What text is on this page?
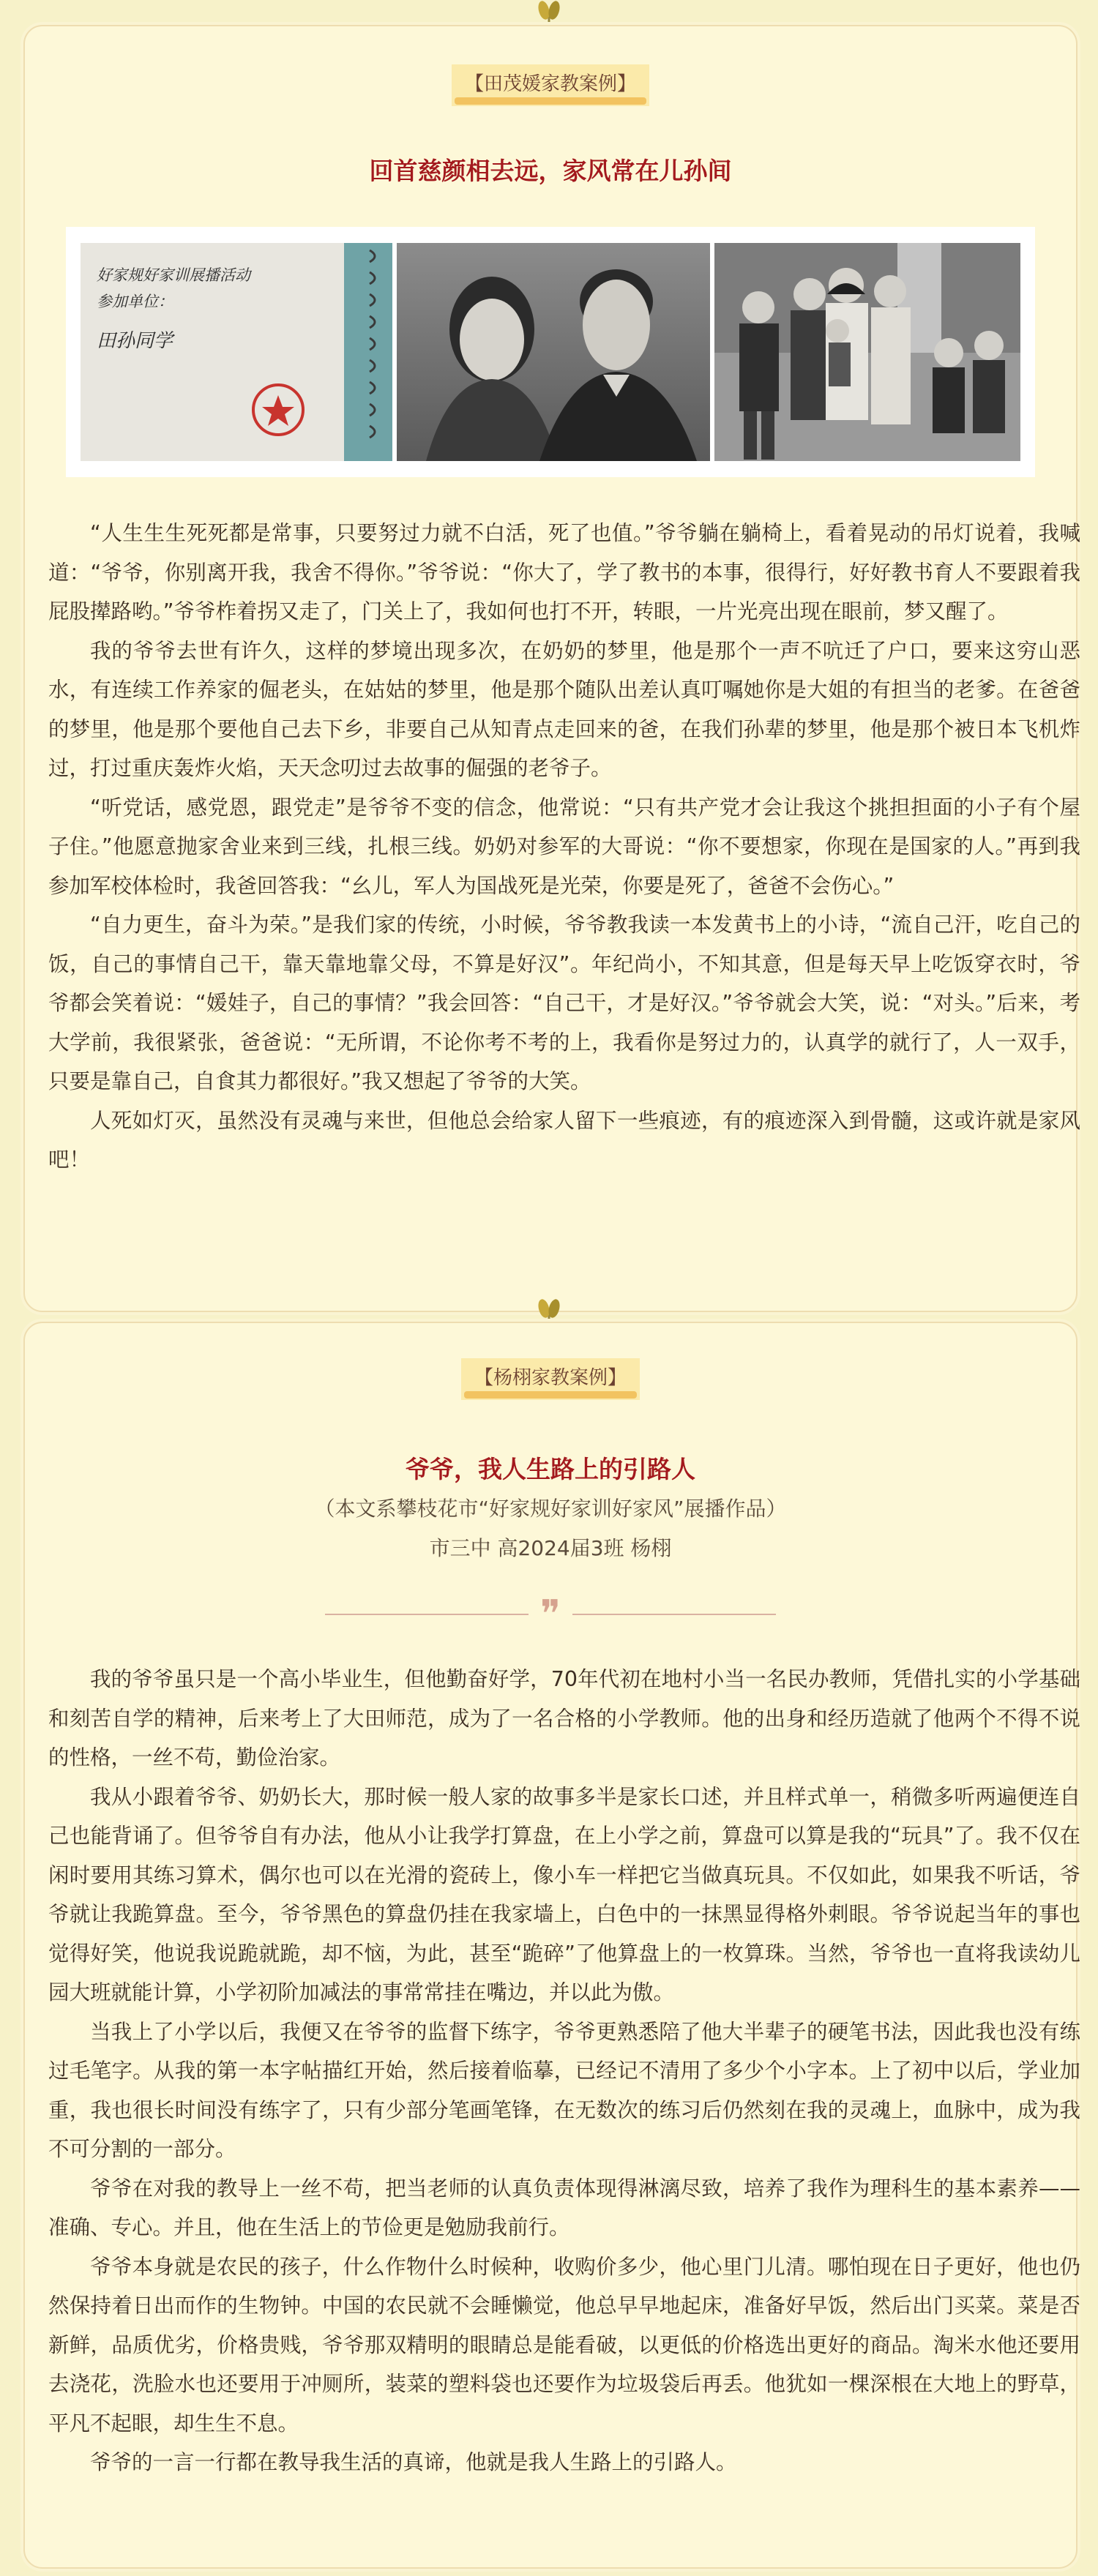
【田茂媛家教案例】
回首慈颜相去远，家风常在儿孙间
好家规好家训展播活动
参加单位：
田孙同学

“人生生生死死都是常事，只要努过力就不白活，死了也值。”爷爷躺在躺椅上，看着晃动的吊灯说着，我喊道：“爷爷，你别离开我，我舍不得你。”爷爷说：“你大了，学了教书的本事，很得行，好好教书育人不要跟着我屁股撵路哟。”爷爷柞着拐又走了，门关上了，我如何也打不开，转眼，一片光亮出现在眼前，梦又醒了。

我的爷爷去世有许久，这样的梦境出现多次，在奶奶的梦里，他是那个一声不吭迁了户口，要来这穷山恶水，有连续工作养家的倔老头，在姑姑的梦里，他是那个随队出差认真叮嘱她你是大姐的有担当的老爹。在爸爸的梦里，他是那个要他自己去下乡，非要自己从知青点走回来的爸，在我们孙辈的梦里，他是那个被日本飞机炸过，打过重庆轰炸火焰，天天念叨过去故事的倔强的老爷子。

“听党话，感党恩，跟党走”是爷爷不变的信念，他常说：“只有共产党才会让我这个挑担担面的小子有个屋子住。”他愿意抛家舍业来到三线，扎根三线。奶奶对参军的大哥说：“你不要想家，你现在是国家的人。”再到我参加军校体检时，我爸回答我：“幺儿，军人为国战死是光荣，你要是死了，爸爸不会伤心。”

“自力更生，奋斗为荣。”是我们家的传统，小时候，爷爷教我读一本发黄书上的小诗，“流自己汗，吃自己的饭，自己的事情自己干，靠天靠地靠父母，不算是好汉”。年纪尚小，不知其意，但是每天早上吃饭穿衣时，爷爷都会笑着说：“媛娃子，自己的事情？”我会回答：“自己干，才是好汉。”爷爷就会大笑，说：“对头。”后来，考大学前，我很紧张，爸爸说：“无所谓，不论你考不考的上，我看你是努过力的，认真学的就行了，人一双手，只要是靠自己，自食其力都很好。”我又想起了爷爷的大笑。

人死如灯灭，虽然没有灵魂与来世，但他总会给家人留下一些痕迹，有的痕迹深入到骨髓，这或许就是家风吧！

【杨栩家教案例】
爷爷，我人生路上的引路人
（本文系攀枝花市“好家规好家训好家风”展播作品）
市三中 高2024届3班 杨栩
❞

我的爷爷虽只是一个高小毕业生，但他勤奋好学，70年代初在地村小当一名民办教师，凭借扎实的小学基础和刻苦自学的精神，后来考上了大田师范，成为了一名合格的小学教师。他的出身和经历造就了他两个不得不说的性格，一丝不苟，勤俭治家。

我从小跟着爷爷、奶奶长大，那时候一般人家的故事多半是家长口述，并且样式单一，稍微多听两遍便连自己也能背诵了。但爷爷自有办法，他从小让我学打算盘，在上小学之前，算盘可以算是我的“玩具”了。我不仅在闲时要用其练习算术，偶尔也可以在光滑的瓷砖上，像小车一样把它当做真玩具。不仅如此，如果我不听话，爷爷就让我跪算盘。至今，爷爷黑色的算盘仍挂在我家墙上，白色中的一抹黑显得格外刺眼。爷爷说起当年的事也觉得好笑，他说我说跪就跪，却不恼，为此，甚至“跪碎”了他算盘上的一枚算珠。当然，爷爷也一直将我读幼儿园大班就能计算，小学初阶加减法的事常常挂在嘴边，并以此为傲。

当我上了小学以后，我便又在爷爷的监督下练字，爷爷更熟悉陪了他大半辈子的硬笔书法，因此我也没有练过毛笔字。从我的第一本字帖描红开始，然后接着临摹，已经记不清用了多少个小字本。上了初中以后，学业加重，我也很长时间没有练字了，只有少部分笔画笔锋，在无数次的练习后仍然刻在我的灵魂上，血脉中，成为我不可分割的一部分。

爷爷在对我的教导上一丝不苟，把当老师的认真负责体现得淋漓尽致，培养了我作为理科生的基本素养——准确、专心。并且，他在生活上的节俭更是勉励我前行。

爷爷本身就是农民的孩子，什么作物什么时候种，收购价多少，他心里门儿清。哪怕现在日子更好，他也仍然保持着日出而作的生物钟。中国的农民就不会睡懒觉，他总早早地起床，准备好早饭，然后出门买菜。菜是否新鲜，品质优劣，价格贵贱，爷爷那双精明的眼睛总是能看破，以更低的价格选出更好的商品。淘米水他还要用去浇花，洗脸水也还要用于冲厕所，装菜的塑料袋也还要作为垃圾袋后再丢。他犹如一棵深根在大地上的野草，平凡不起眼，却生生不息。

爷爷的一言一行都在教导我生活的真谛，他就是我人生路上的引路人。
